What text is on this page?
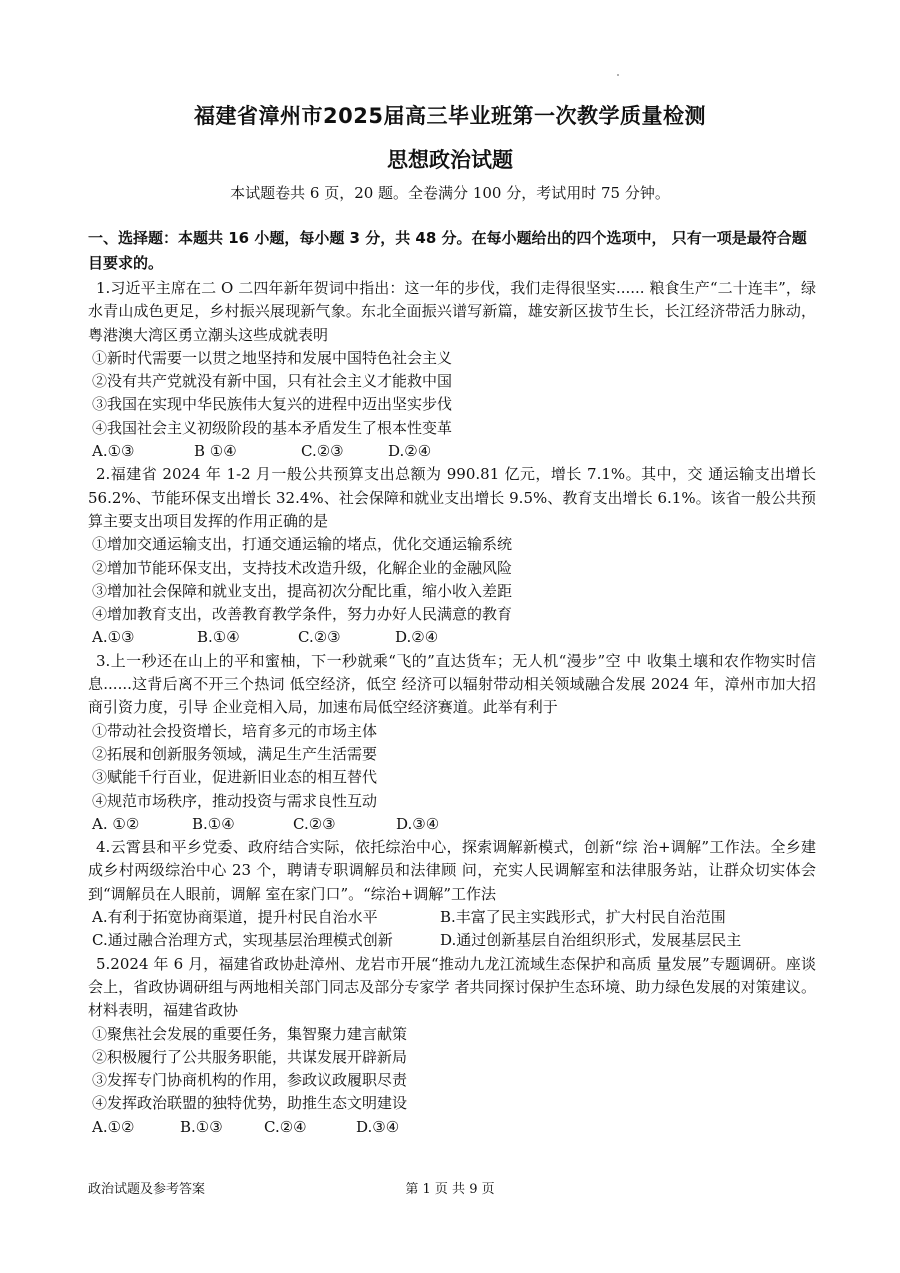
福建省漳州市2025届高三毕业班第一次教学质量检测
思想政治试题
本试题卷共 6 页，20 题。全卷满分 100 分，考试用时 75 分钟。
一、选择题：本题共 16 小题，每小题 3 分，共 48 分。在每小题给出的四个选项中， 只有一项是最符合题目要求的。
1.习近平主席在二 O 二四年新年贺词中指出：这一年的步伐，我们走得很坚实...... 粮食生产“二十连丰”，绿水青山成色更足，乡村振兴展现新气象。东北全面振兴谱写新篇，雄安新区拔节生长，长江经济带活力脉动，粤港澳大湾区勇立潮头这些成就表明
①新时代需要一以贯之地坚持和发展中国特色社会主义
②没有共产党就没有新中国，只有社会主义才能救中国
③我国在实现中华民族伟大复兴的进程中迈出坚实步伐
④我国社会主义初级阶段的基本矛盾发生了根本性变革
A.①③	B ①④	C.②③	D.②④
2.福建省 2024 年 1-2 月一般公共预算支出总额为 990.81 亿元，增长 7.1%。其中，交 通运输支出增长 56.2%、节能环保支出增长 32.4%、社会保障和就业支出增长 9.5%、教育支出增长 6.1%。该省一般公共预算主要支出项目发挥的作用正确的是
①增加交通运输支出，打通交通运输的堵点，优化交通运输系统
②增加节能环保支出，支持技术改造升级，化解企业的金融风险
③增加社会保障和就业支出，提高初次分配比重，缩小收入差距
④增加教育支出，改善教育教学条件，努力办好人民满意的教育
A.①③	B.①④	C.②③	D.②④
3.上一秒还在山上的平和蜜柚，下一秒就乘“飞的”直达货车；无人机“漫步”空 中 收集土壤和农作物实时信息......这背后离不开三个热词 低空经济，低空 经济可以辐射带动相关领域融合发展 2024 年，漳州市加大招商引资力度，引导 企业竞相入局，加速布局低空经济赛道。此举有利于
①带动社会投资增长，培育多元的市场主体
②拓展和创新服务领域，满足生产生活需要
③赋能千行百业，促进新旧业态的相互替代
④规范市场秩序，推动投资与需求良性互动
A. ①②	B.①④	C.②③	D.③④
4.云霄县和平乡党委、政府结合实际，依托综治中心，探索调解新模式，创新“综 治+调解”工作法。全乡建成乡村两级综治中心 23 个，聘请专职调解员和法律顾 问，充实人民调解室和法律服务站，让群众切实体会到“调解员在人眼前，调解 室在家门口”。“综治+调解”工作法
A.有利于拓宽协商渠道，提升村民自治水平	B.丰富了民主实践形式，扩大村民自治范围
C.通过融合治理方式，实现基层治理模式创新	D.通过创新基层自治组织形式，发展基层民主
5.2024 年 6 月，福建省政协赴漳州、龙岩市开展“推动九龙江流域生态保护和高质 量发展”专题调研。座谈会上，省政协调研组与两地相关部门同志及部分专家学 者共同探讨保护生态环境、助力绿色发展的对策建议。材料表明，福建省政协
①聚焦社会发展的重要任务，集智聚力建言献策
②积极履行了公共服务职能，共谋发展开辟新局
③发挥专门协商机构的作用，参政议政履职尽责
④发挥政治联盟的独特优势，助推生态文明建设
A.①②	B.①③	C.②④	D.③④
政治试题及参考答案	第 1 页 共 9 页
